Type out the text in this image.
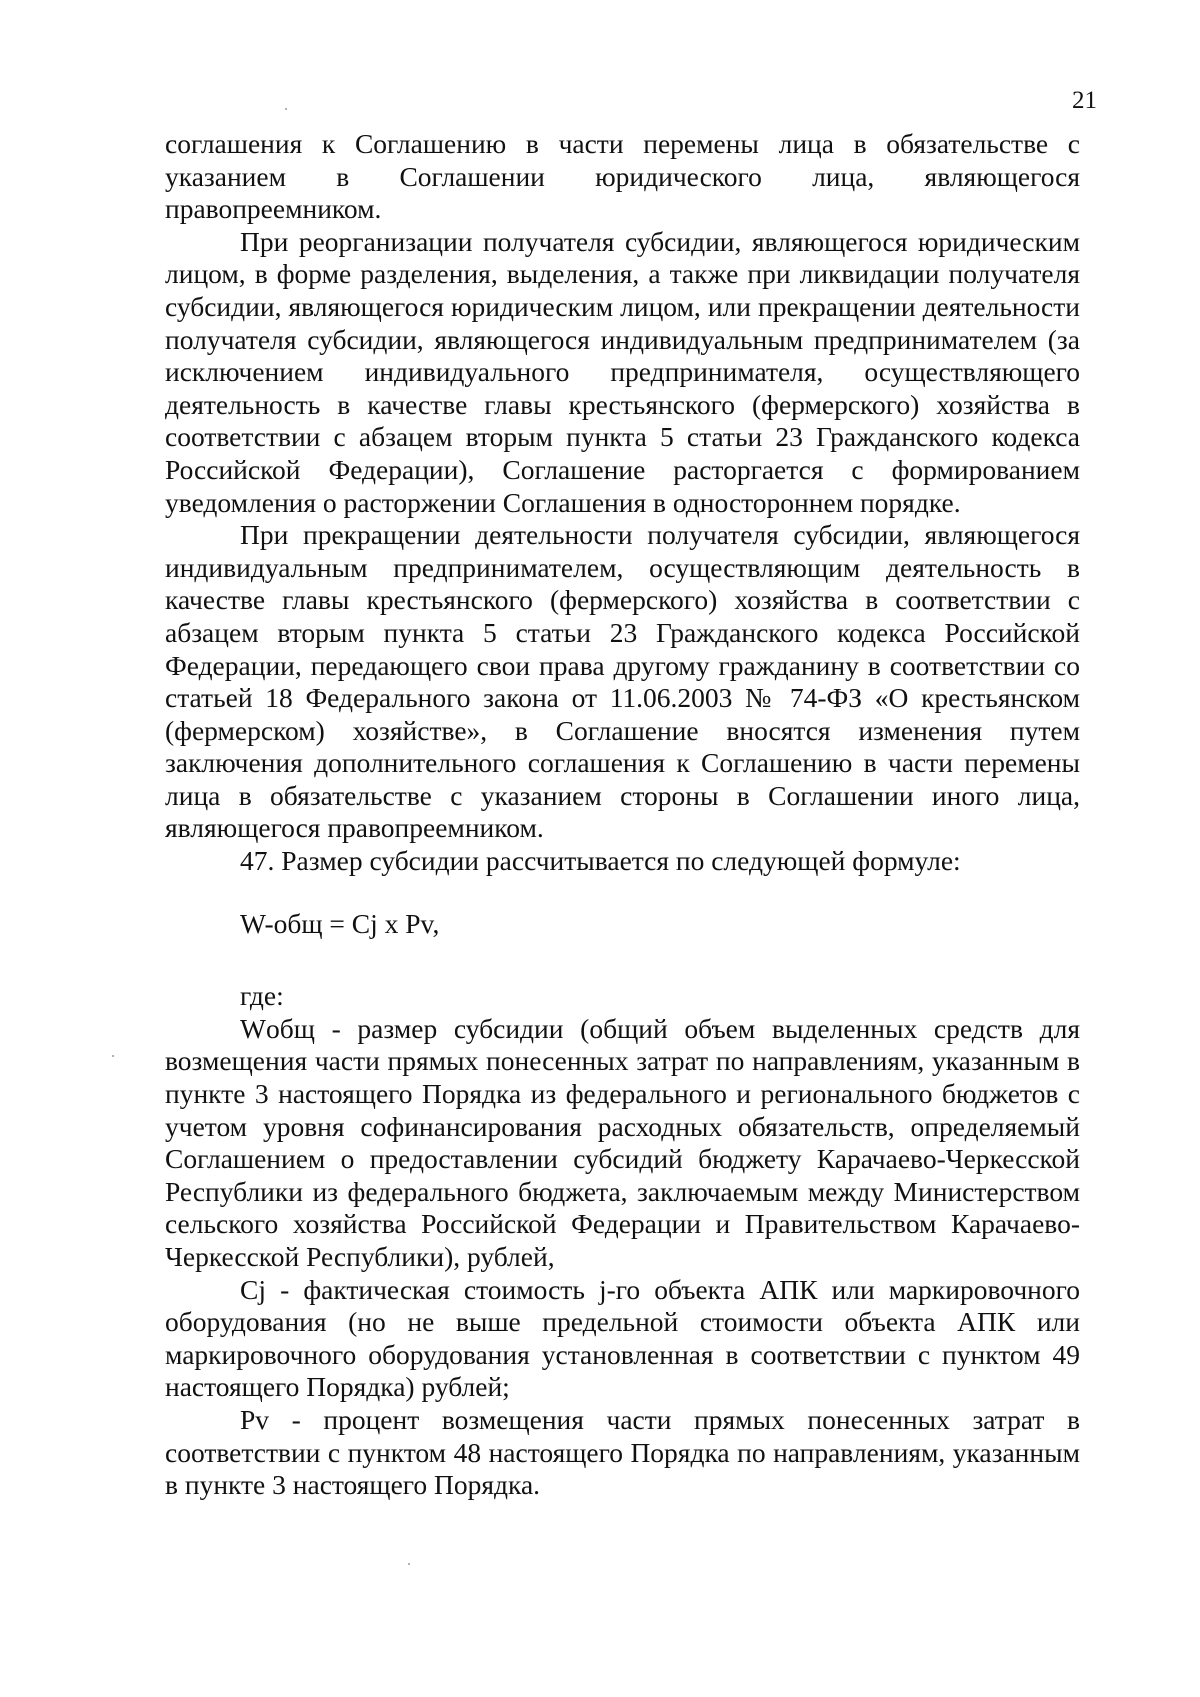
21

соглашения к Соглашению в части перемены лица в обязательстве с указанием в Соглашении юридического лица, являющегося правопреемником.

При реорганизации получателя субсидии, являющегося юридическим лицом, в форме разделения, выделения, а также при ликвидации получателя субсидии, являющегося юридическим лицом, или прекращении деятельности получателя субсидии, являющегося индивидуальным предпринимателем (за исключением индивидуального предпринимателя, осуществляющего деятельность в качестве главы крестьянского (фермерского) хозяйства в соответствии с абзацем вторым пункта 5 статьи 23 Гражданского кодекса Российской Федерации), Соглашение расторгается с формированием уведомления о расторжении Соглашения в одностороннем порядке.

При прекращении деятельности получателя субсидии, являющегося индивидуальным предпринимателем, осуществляющим деятельность в качестве главы крестьянского (фермерского) хозяйства в соответствии с абзацем вторым пункта 5 статьи 23 Гражданского кодекса Российской Федерации, передающего свои права другому гражданину в соответствии со статьей 18 Федерального закона от 11.06.2003 № 74-ФЗ «О крестьянском (фермерском) хозяйстве», в Соглашение вносятся изменения путем заключения дополнительного соглашения к Соглашению в части перемены лица в обязательстве с указанием стороны в Соглашении иного лица, являющегося правопреемником.

47. Размер субсидии рассчитывается по следующей формуле:

W-общ = Cj x Pv,

где:

Wобщ - размер субсидии (общий объем выделенных средств для возмещения части прямых понесенных затрат по направлениям, указанным в пункте 3 настоящего Порядка из федерального и регионального бюджетов с учетом уровня софинансирования расходных обязательств, определяемый Соглашением о предоставлении субсидий бюджету Карачаево-Черкесской Республики из федерального бюджета, заключаемым между Министерством сельского хозяйства Российской Федерации и Правительством Карачаево-Черкесской Республики), рублей,

Cj - фактическая стоимость j-го объекта АПК или маркировочного оборудования (но не выше предельной стоимости объекта АПК или маркировочного оборудования установленная в соответствии с пунктом 49 настоящего Порядка) рублей;

Pv - процент возмещения части прямых понесенных затрат в соответствии с пунктом 48 настоящего Порядка по направлениям, указанным в пункте 3 настоящего Порядка.
